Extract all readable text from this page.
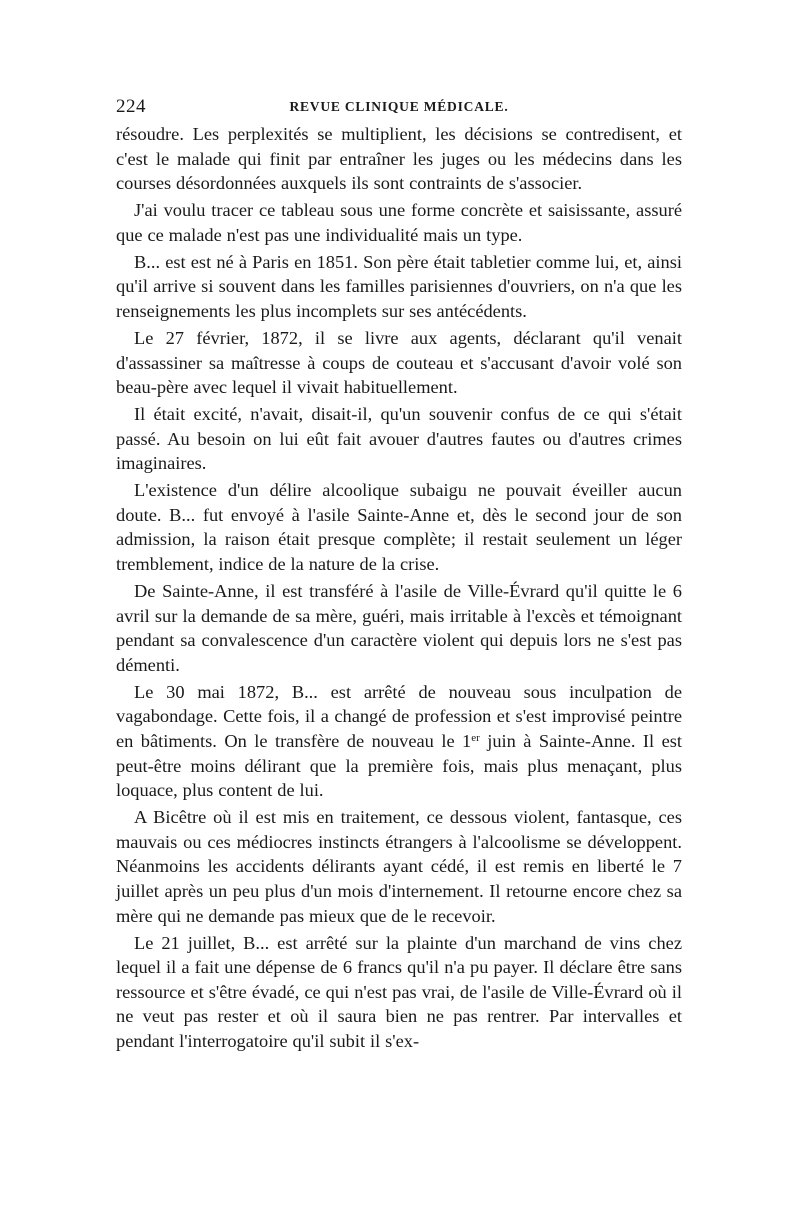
224	REVUE CLINIQUE MÉDICALE.

résoudre. Les perplexités se multiplient, les décisions se contredisent, et c'est le malade qui finit par entraîner les juges ou les médecins dans les courses désordonnées auxquels ils sont contraints de s'associer.

J'ai voulu tracer ce tableau sous une forme concrète et saisissante, assuré que ce malade n'est pas une individualité mais un type.

B... est est né à Paris en 1851. Son père était tabletier comme lui, et, ainsi qu'il arrive si souvent dans les familles parisiennes d'ouvriers, on n'a que les renseignements les plus incomplets sur ses antécédents.

Le 27 février, 1872, il se livre aux agents, déclarant qu'il venait d'assassiner sa maîtresse à coups de couteau et s'accusant d'avoir volé son beau-père avec lequel il vivait habituellement.

Il était excité, n'avait, disait-il, qu'un souvenir confus de ce qui s'était passé. Au besoin on lui eût fait avouer d'autres fautes ou d'autres crimes imaginaires.

L'existence d'un délire alcoolique subaigu ne pouvait éveiller aucun doute. B... fut envoyé à l'asile Sainte-Anne et, dès le second jour de son admission, la raison était presque complète; il restait seulement un léger tremblement, indice de la nature de la crise.

De Sainte-Anne, il est transféré à l'asile de Ville-Évrard qu'il quitte le 6 avril sur la demande de sa mère, guéri, mais irritable à l'excès et témoignant pendant sa convalescence d'un caractère violent qui depuis lors ne s'est pas démenti.

Le 30 mai 1872, B... est arrêté de nouveau sous inculpation de vagabondage. Cette fois, il a changé de profession et s'est improvisé peintre en bâtiments. On le transfère de nouveau le 1er juin à Sainte-Anne. Il est peut-être moins délirant que la première fois, mais plus menaçant, plus loquace, plus content de lui.

A Bicêtre où il est mis en traitement, ce dessous violent, fantasque, ces mauvais ou ces médiocres instincts étrangers à l'alcoolisme se développent. Néanmoins les accidents délirants ayant cédé, il est remis en liberté le 7 juillet après un peu plus d'un mois d'internement. Il retourne encore chez sa mère qui ne demande pas mieux que de le recevoir.

Le 21 juillet, B... est arrêté sur la plainte d'un marchand de vins chez lequel il a fait une dépense de 6 francs qu'il n'a pu payer. Il déclare être sans ressource et s'être évadé, ce qui n'est pas vrai, de l'asile de Ville-Évrard où il ne veut pas rester et où il saura bien ne pas rentrer. Par intervalles et pendant l'interrogatoire qu'il subit il s'ex-
